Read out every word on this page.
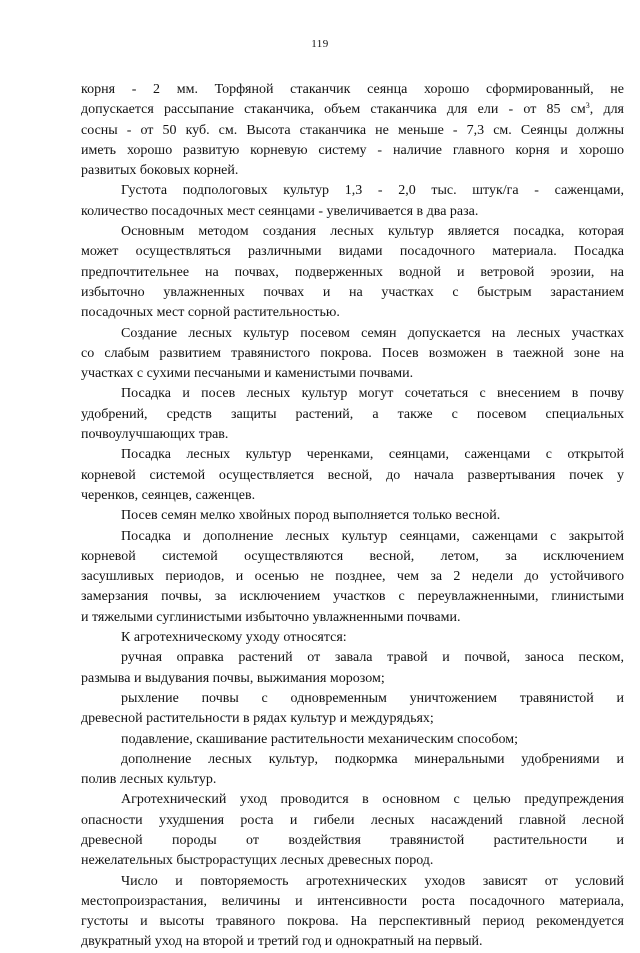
119
корня - 2 мм. Торфяной стаканчик сеянца хорошо сформированный, не
допускается рассыпание стаканчика, объем стаканчика для ели - от 85 $см^3$, для
сосны - от 50 куб. см. Высота стаканчика не меньше - 7,3 см. Сеянцы должны
иметь хорошо развитую корневую систему - наличие главного корня и хорошо
развитых боковых корней.
Густота подпологовых культур 1,3 - 2,0 тыс. штук/га - саженцами,
количество посадочных мест сеянцами - увеличивается в два раза.
Основным методом создания лесных культур является посадка, которая
может осуществляться различными видами посадочного материала. Посадка
предпочтительнее на почвах, подверженных водной и ветровой эрозии, на
избыточно увлажненных почвах и на участках с быстрым зарастанием
посадочных мест сорной растительностью.
Создание лесных культур посевом семян допускается на лесных участках
со слабым развитием травянистого покрова. Посев возможен в таежной зоне на
участках с сухими песчаными и каменистыми почвами.
Посадка и посев лесных культур могут сочетаться с внесением в почву
удобрений, средств защиты растений, а также с посевом специальных
почвоулучшающих трав.
Посадка лесных культур черенками, сеянцами, саженцами с открытой
корневой системой осуществляется весной, до начала развертывания почек у
черенков, сеянцев, саженцев.
Посев семян мелко хвойных пород выполняется только весной.
Посадка и дополнение лесных культур сеянцами, саженцами с закрытой
корневой системой осуществляются весной, летом, за исключением
засушливых периодов, и осенью не позднее, чем за 2 недели до устойчивого
замерзания почвы, за исключением участков с переувлажненными, глинистыми
и тяжелыми суглинистыми избыточно увлажненными почвами.
К агротехническому уходу относятся:
ручная оправка растений от завала травой и почвой, заноса песком,
размыва и выдувания почвы, выжимания морозом;
рыхление почвы с одновременным уничтожением травянистой и
древесной растительности в рядах культур и междурядьях;
подавление, скашивание растительности механическим способом;
дополнение лесных культур, подкормка минеральными удобрениями и
полив лесных культур.
Агротехнический уход проводится в основном с целью предупреждения
опасности ухудшения роста и гибели лесных насаждений главной лесной
древесной породы от воздействия травянистой растительности и
нежелательных быстрорастущих лесных древесных пород.
Число и повторяемость агротехнических уходов зависят от условий
местопроизрастания, величины и интенсивности роста посадочного материала,
густоты и высоты травяного покрова. На перспективный период рекомендуется
двукратный уход на второй и третий год и однократный на первый.
